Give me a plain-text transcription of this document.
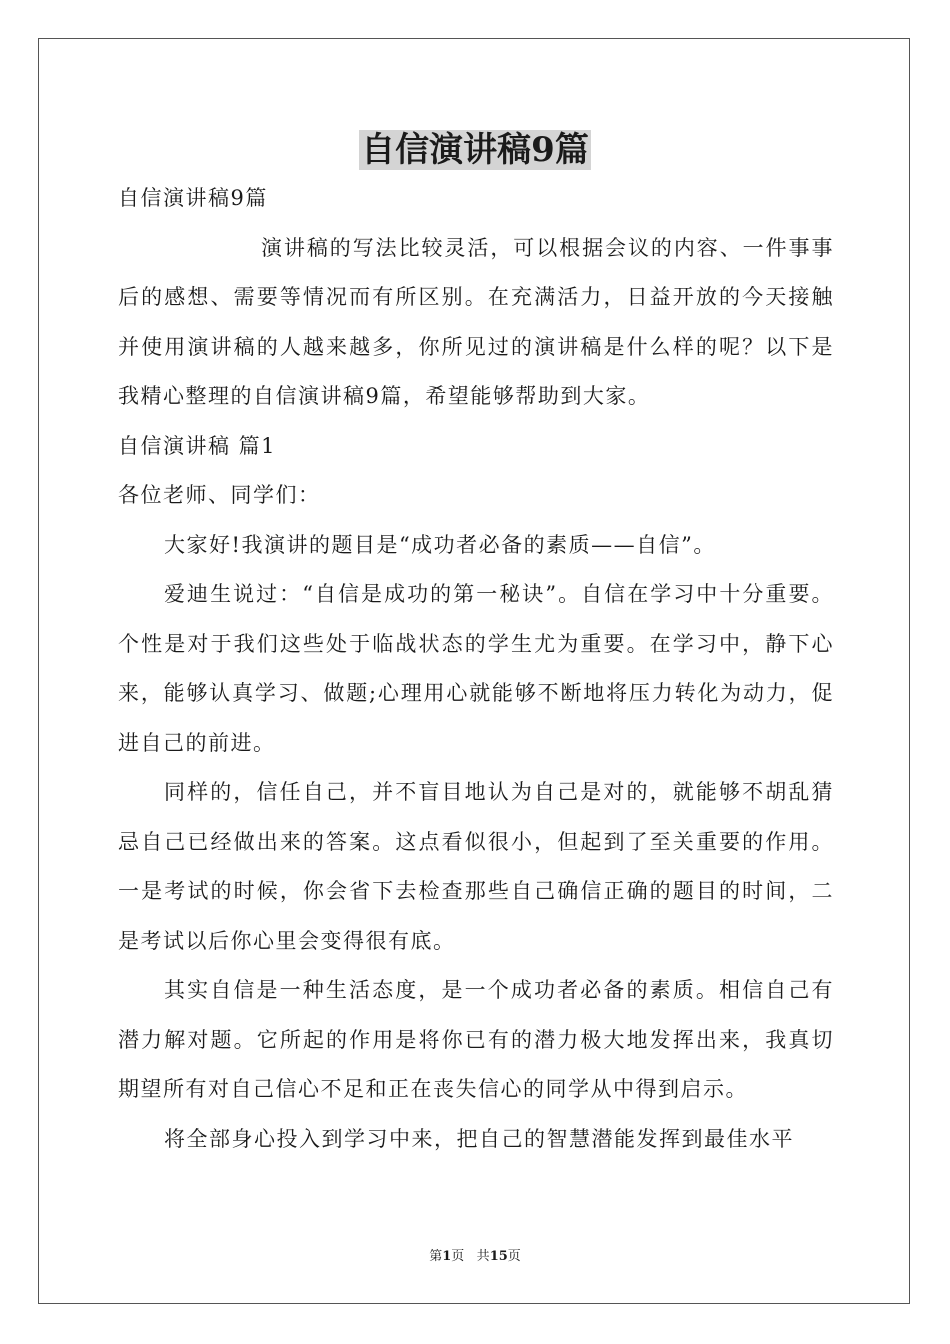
自信演讲稿9篇

自信演讲稿9篇

演讲稿的写法比较灵活，可以根据会议的内容、一件事事后的感想、需要等情况而有所区别。在充满活力，日益开放的今天接触并使用演讲稿的人越来越多，你所见过的演讲稿是什么样的呢？以下是我精心整理的自信演讲稿9篇，希望能够帮助到大家。

自信演讲稿 篇1

各位老师、同学们：

大家好!我演讲的题目是“成功者必备的素质——自信”。

爱迪生说过：“自信是成功的第一秘诀”。自信在学习中十分重要。个性是对于我们这些处于临战状态的学生尤为重要。在学习中，静下心来，能够认真学习、做题;心理用心就能够不断地将压力转化为动力，促进自己的前进。

同样的，信任自己，并不盲目地认为自己是对的，就能够不胡乱猜忌自己已经做出来的答案。这点看似很小，但起到了至关重要的作用。一是考试的时候，你会省下去检查那些自己确信正确的题目的时间，二是考试以后你心里会变得很有底。

其实自信是一种生活态度，是一个成功者必备的素质。相信自己有潜力解对题。它所起的作用是将你已有的潜力极大地发挥出来，我真切期望所有对自己信心不足和正在丧失信心的同学从中得到启示。

将全部身心投入到学习中来，把自己的智慧潜能发挥到最佳水平

第1页 共15页
